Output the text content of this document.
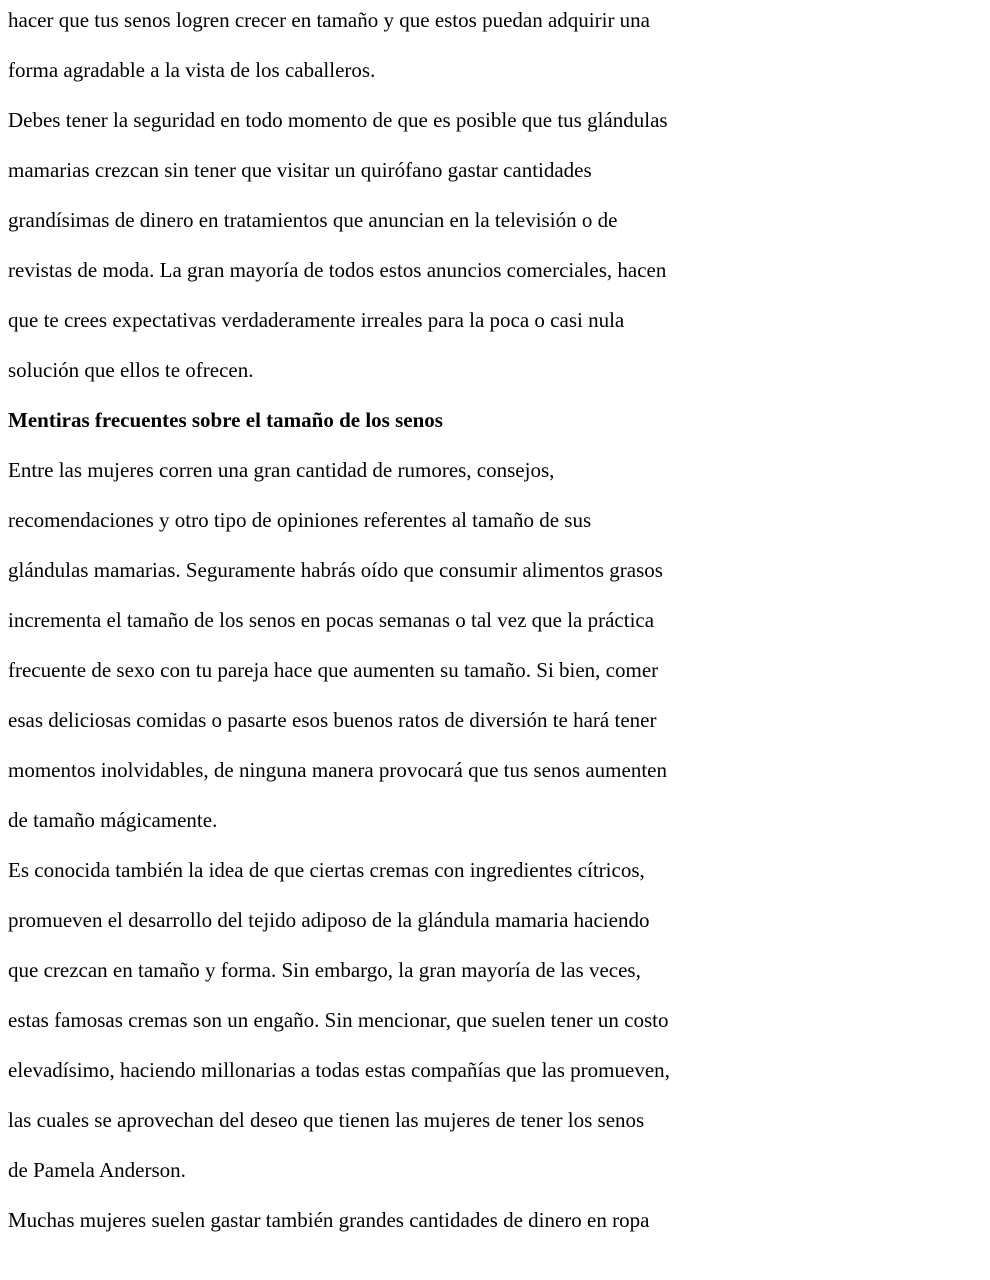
hacer que tus senos logren crecer en tamaño y que estos puedan adquirir una
forma agradable a la vista de los caballeros.
Debes tener la seguridad en todo momento de que es posible que tus glándulas
mamarias crezcan sin tener que visitar un quirófano gastar cantidades
grandísimas de dinero en tratamientos que anuncian en la televisión o de
revistas de moda. La gran mayoría de todos estos anuncios comerciales, hacen
que te crees expectativas verdaderamente irreales para la poca o casi nula
solución que ellos te ofrecen.
Mentiras frecuentes sobre el tamaño de los senos
Entre las mujeres corren una gran cantidad de rumores, consejos,
recomendaciones y otro tipo de opiniones referentes al tamaño de sus
glándulas mamarias. Seguramente habrás oído que consumir alimentos grasos
incrementa el tamaño de los senos en pocas semanas o tal vez que la práctica
frecuente de sexo con tu pareja hace que aumenten su tamaño. Si bien, comer
esas deliciosas comidas o pasarte esos buenos ratos de diversión te hará tener
momentos inolvidables, de ninguna manera provocará que tus senos aumenten
de tamaño mágicamente.
Es conocida también la idea de que ciertas cremas con ingredientes cítricos,
promueven el desarrollo del tejido adiposo de la glándula mamaria haciendo
que crezcan en tamaño y forma. Sin embargo, la gran mayoría de las veces,
estas famosas cremas son un engaño. Sin mencionar, que suelen tener un costo
elevadísimo, haciendo millonarias a todas estas compañías que las promueven,
las cuales se aprovechan del deseo que tienen las mujeres de tener los senos
de Pamela Anderson.
Muchas mujeres suelen gastar también grandes cantidades de dinero en ropa
